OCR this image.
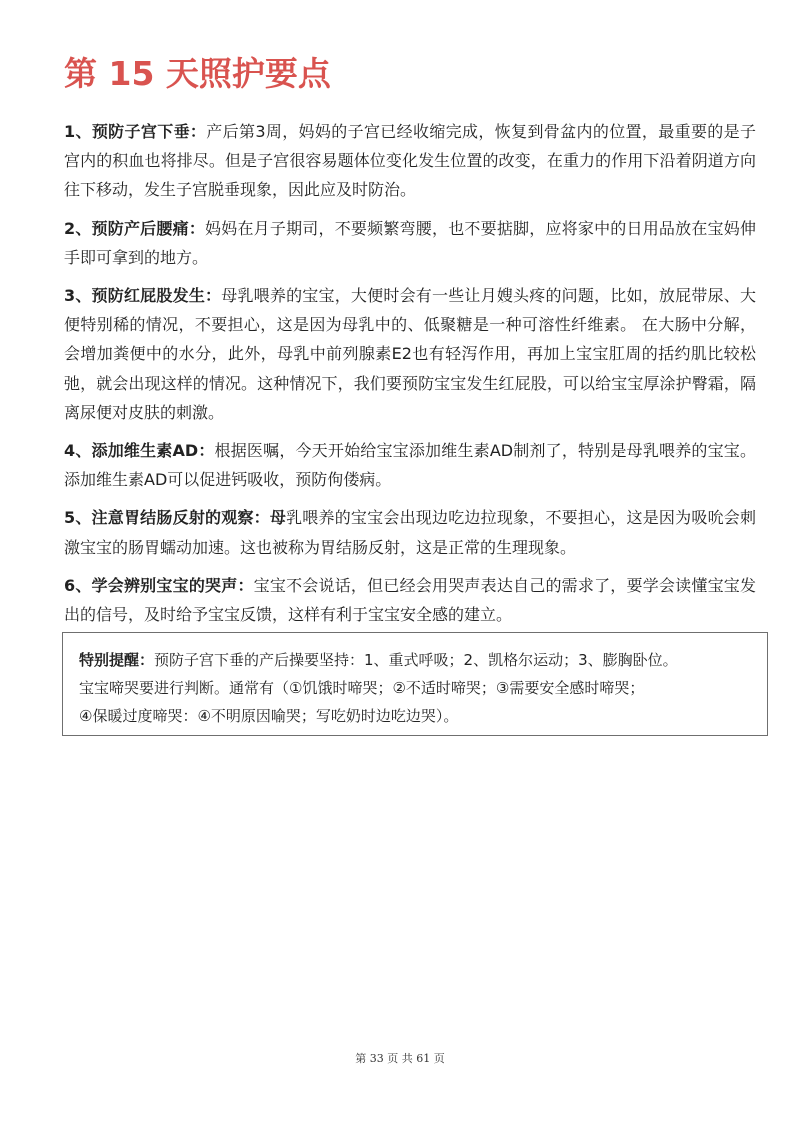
第 15 天照护要点

1、预防子宫下垂：产后第3周，妈妈的子宫已经收缩完成，恢复到骨盆内的位置，最重要的是子宫内的积血也将排尽。但是子宫很容易题体位变化发生位置的改变，在重力的作用下沿着阴道方向往下移动，发生子宫脱垂现象，因此应及时防治。

2、预防产后腰痛：妈妈在月子期司，不要频繁弯腰，也不要掂脚，应将家中的日用品放在宝妈伸手即可拿到的地方。

3、预防红屁股发生：母乳喂养的宝宝，大便时会有一些让月嫂头疼的问题，比如，放屁带尿、大便特别稀的情况，不要担心，这是因为母乳中的、低聚糖是一种可溶性纤维素。 在大肠中分解，会增加粪便中的水分，此外，母乳中前列腺素E2也有轻泻作用，再加上宝宝肛周的括约肌比较松弛，就会出现这样的情况。这种情况下，我们要预防宝宝发生红屁股，可以给宝宝厚涂护臀霜，隔离尿便对皮肤的刺激。

4、添加维生素AD：根据医嘱，今天开始给宝宝添加维生素AD制剂了，特别是母乳喂养的宝宝。添加维生素AD可以促进钙吸收，预防佝偻病。

5、注意胃结肠反射的观察：母乳喂养的宝宝会出现边吃边拉现象，不要担心，这是因为吸吮会刺激宝宝的肠胃蠕动加速。这也被称为胃结肠反射，这是正常的生理现象。

6、学会辨别宝宝的哭声：宝宝不会说话，但已经会用哭声表达自己的需求了，要学会读懂宝宝发出的信号，及时给予宝宝反馈，这样有利于宝宝安全感的建立。

特别提醒：预防子宫下垂的产后操要坚持：1、重式呼吸；2、凯格尔运动；3、膨胸卧位。

宝宝啼哭要进行判断。通常有（①饥饿时啼哭；②不适时啼哭；③需要安全感时啼哭；

④保暖过度啼哭：④不明原因喻哭；写吃奶时边吃边哭）。

第 33 页 共 61 页
